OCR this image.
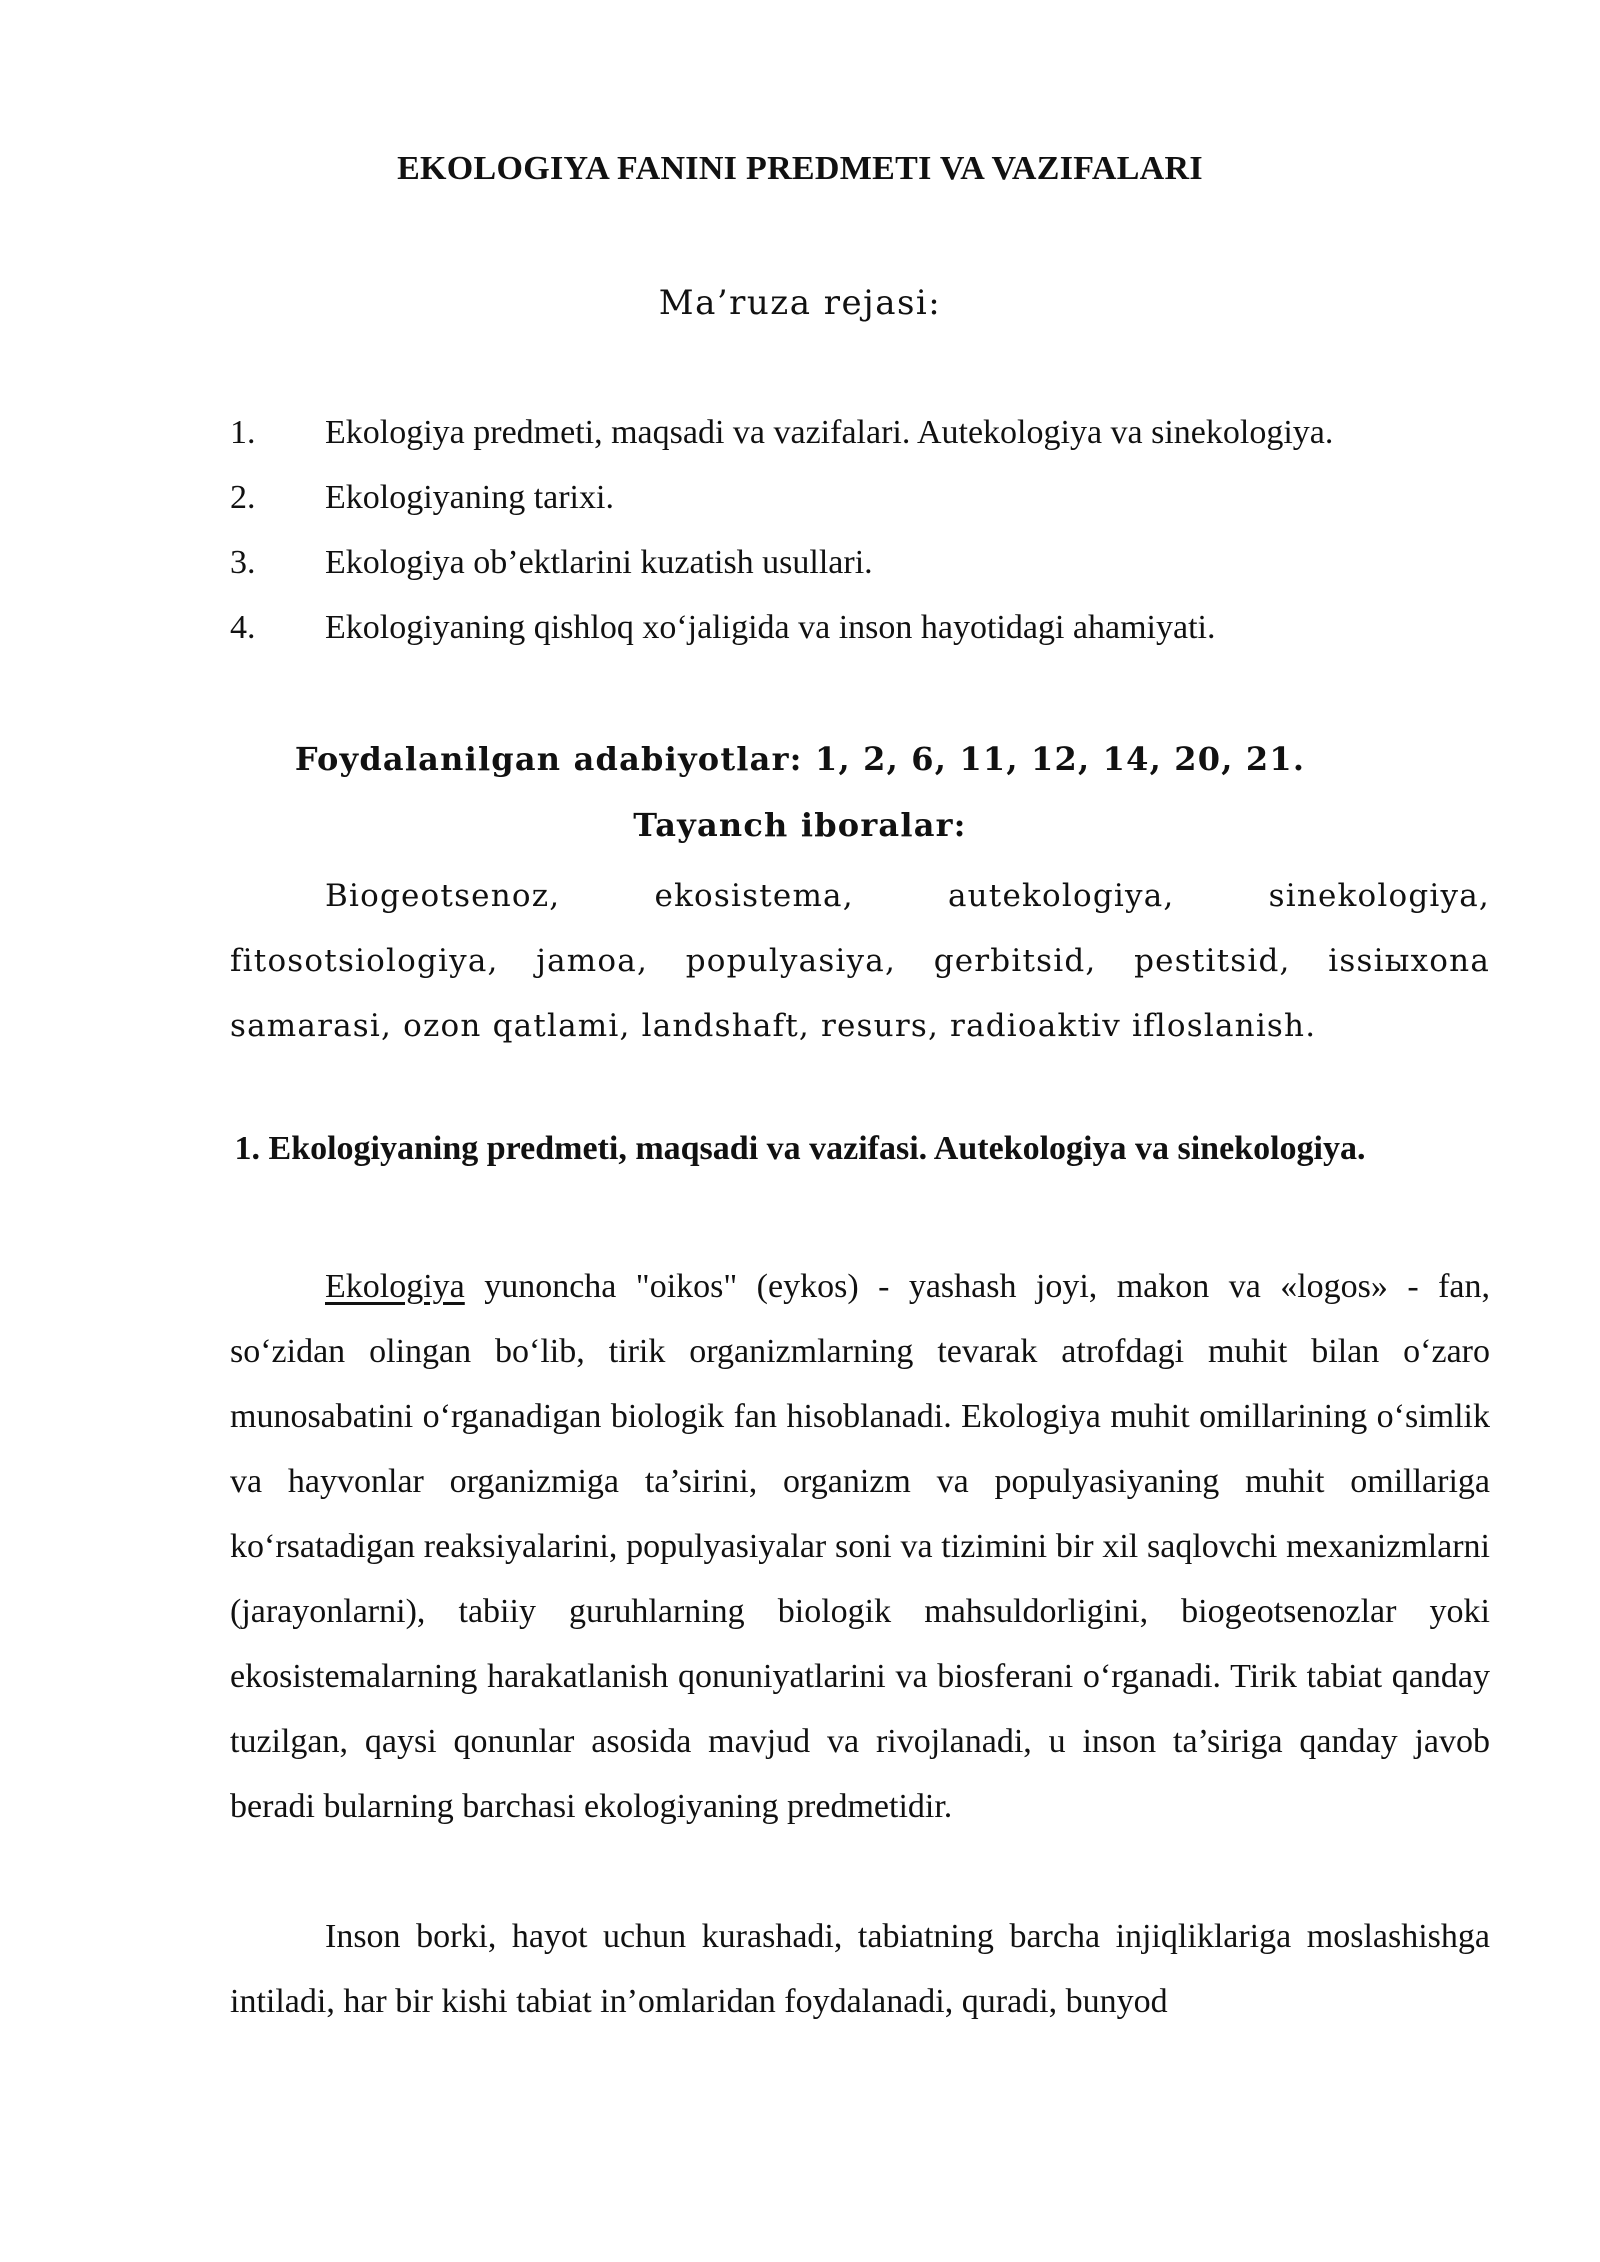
EKOLOGIYA FANINI PREDMETI VA VAZIFALARI
Ma’ruza rejasi:
1.	Ekologiya predmeti, maqsadi va vazifalari. Autekologiya va sinekologiya.
2.	Ekologiyaning tarixi.
3.	Ekologiya ob’ektlarini kuzatish usullari.
4.	Ekologiyaning qishloq xo‘jaligida va inson hayotidagi ahamiyati.
Foydalanilgan adabiyotlar: 1, 2, 6, 11, 12, 14, 20, 21.
Tayanch iboralar:
Biogeotsenoz, ekosistema, autekologiya, sinekologiya, fitosotsiologiya, jamoa, populyasiya, gerbitsid, pestitsid, issiыxona samarasi, ozon qatlami, landshaft, resurs, radioaktiv ifloslanish.
1. Ekologiyaning predmeti, maqsadi va vazifasi. Autekologiya va sinekologiya.
Ekologiya yunoncha "oikos" (eykos) - yashash joyi, makon va «logos» - fan, so‘zidan olingan bo‘lib, tirik organizmlarning tevarak atrofdagi muhit bilan o‘zaro munosabatini o‘rganadigan biologik fan hisoblanadi. Ekologiya muhit omillarining o‘simlik va hayvonlar organizmiga ta’sirini, organizm va populyasiyaning muhit omillariga ko‘rsatadigan reaksiyalarini, populyasiyalar soni va tizimini bir xil saqlovchi mexanizmlarni (jarayonlarni), tabiiy guruhlarning biologik mahsuldorligini, biogeotsenozlar yoki ekosistemalarning harakatlanish qonuniyatlarini va biosferani o‘rganadi. Tirik tabiat qanday tuzilgan, qaysi qonunlar asosida mavjud va rivojlanadi, u inson ta’siriga qanday javob beradi bularning barchasi ekologiyaning predmetidir.
Inson borki, hayot uchun kurashadi, tabiatning barcha injiqliklariga moslashishga intiladi, har bir kishi tabiat in’omlaridan foydalanadi, quradi, bunyod
